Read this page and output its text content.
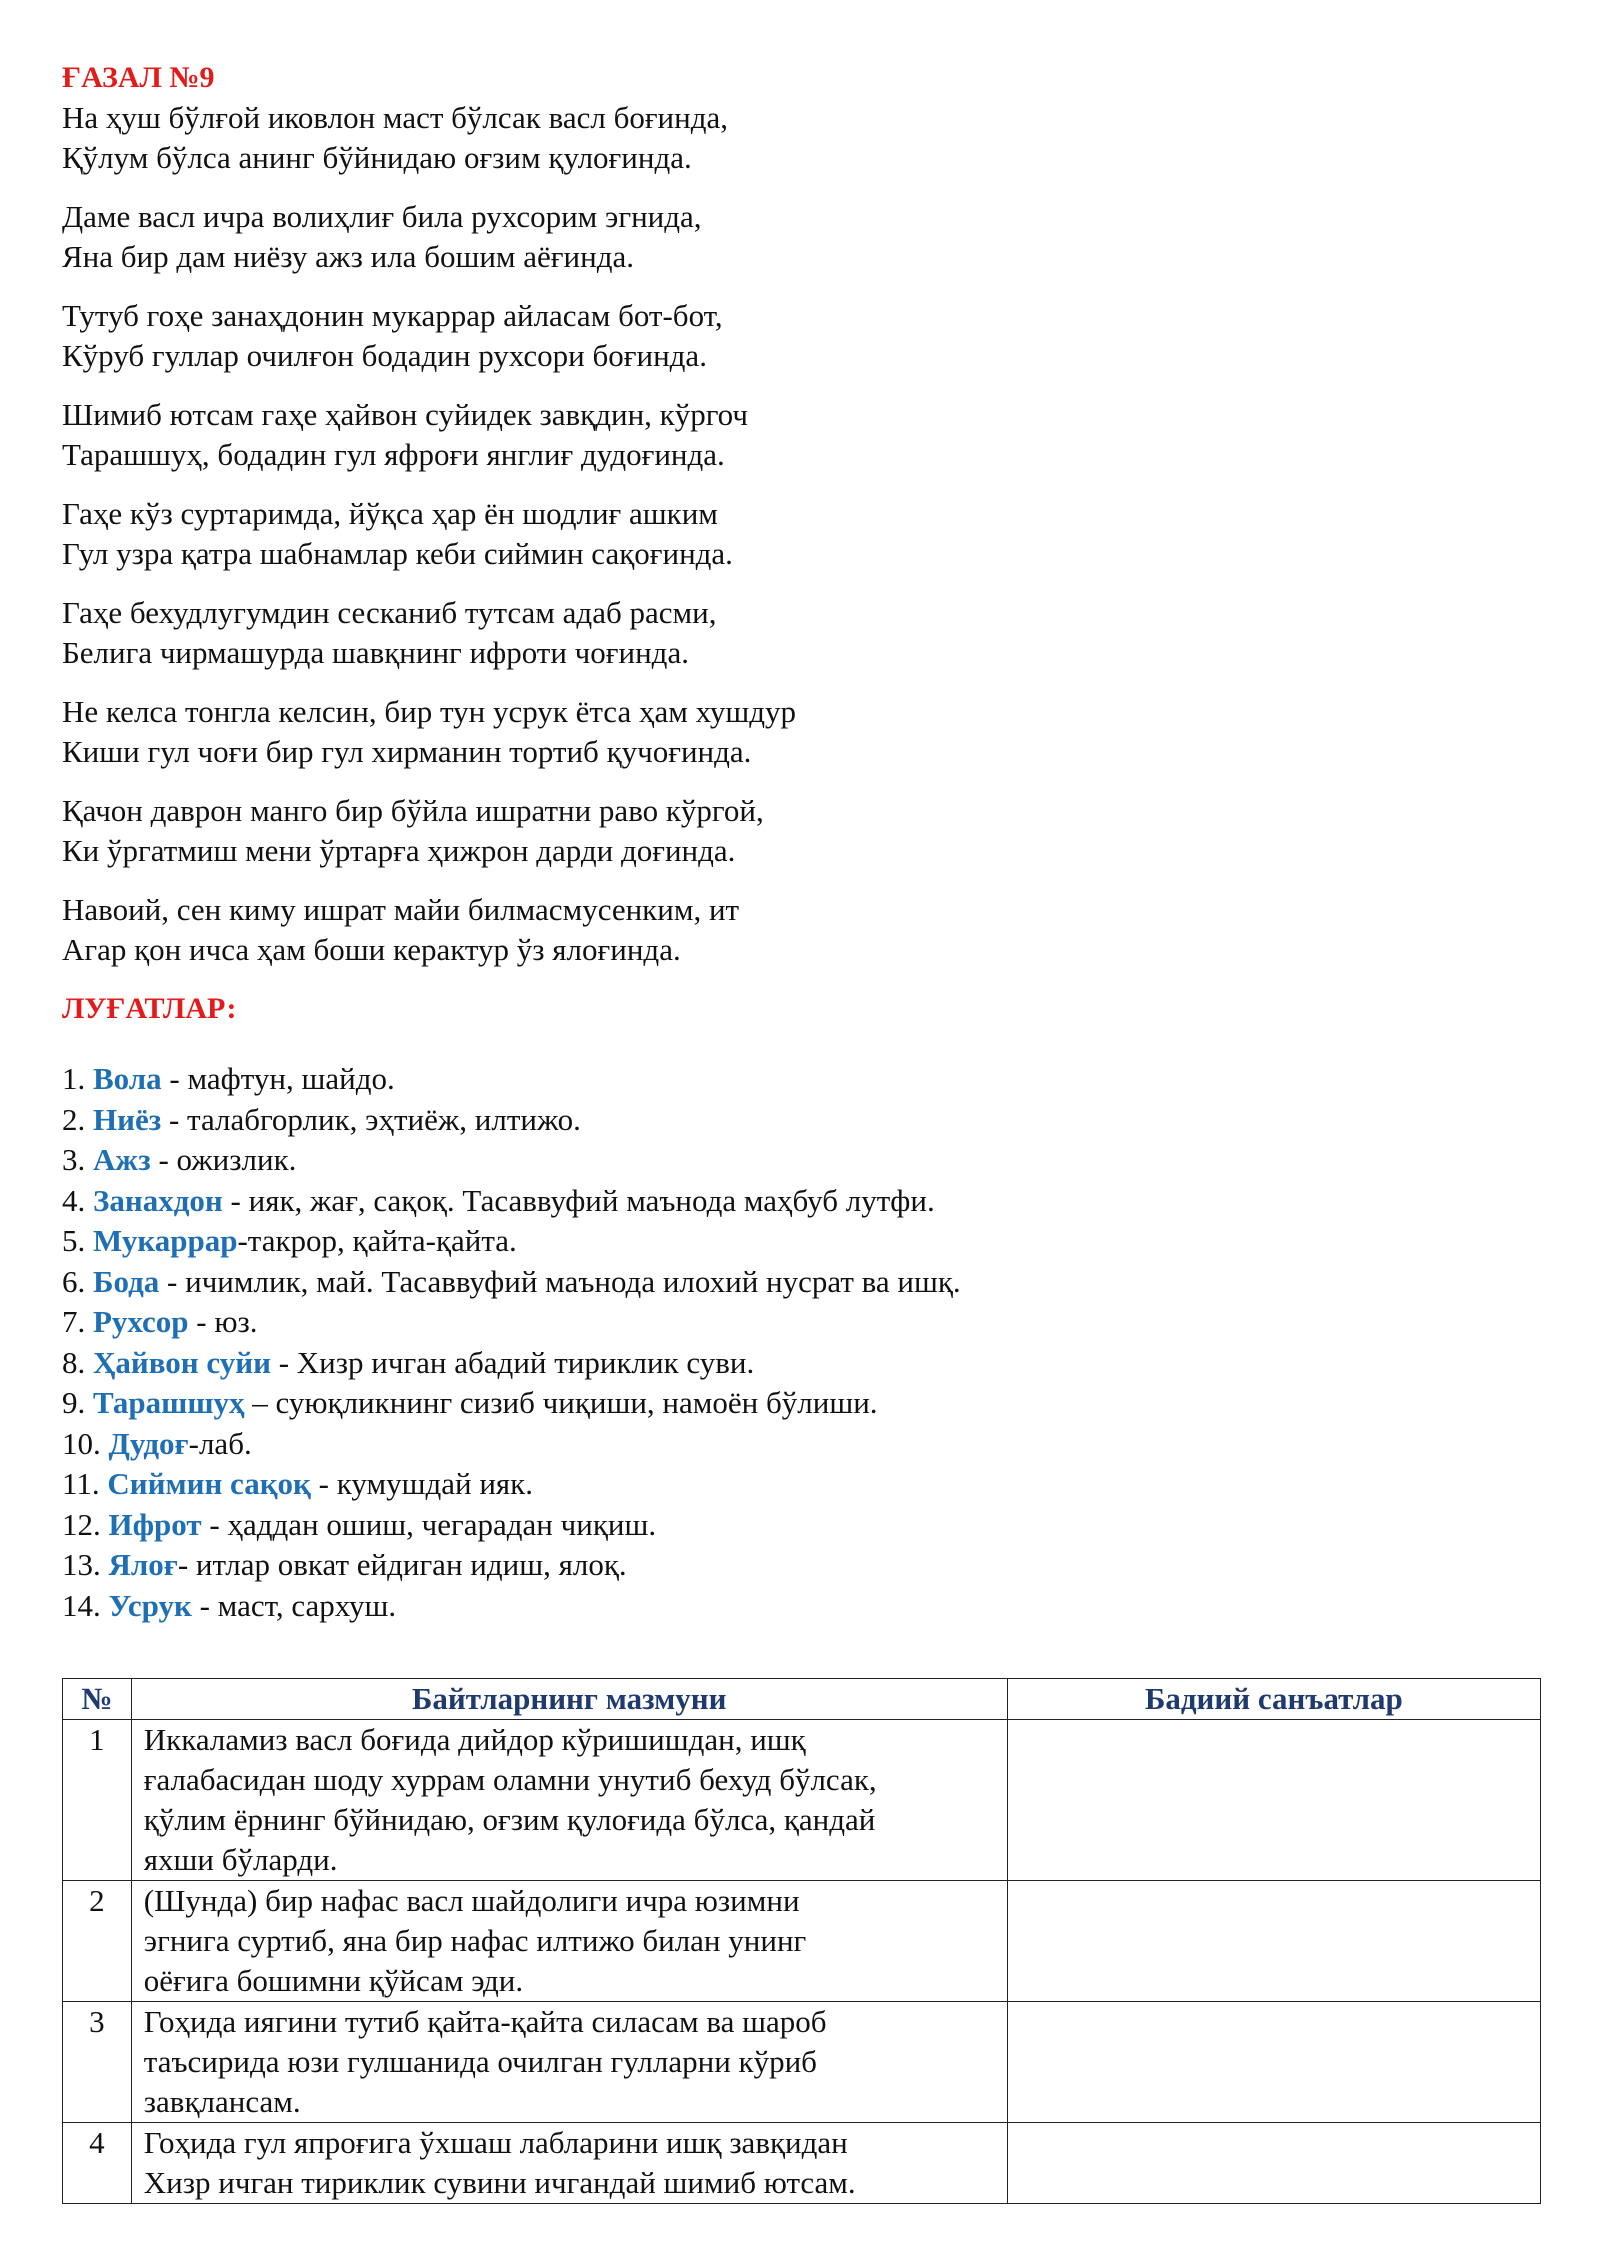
ҒАЗАЛ №9
На ҳуш бўлғой иковлон маст бўлсак васл боғинда,
Қўлум бўлса анинг бўйнидаю оғзим қулоғинда.
Даме васл ичра волиҳлиғ била рухсорим эгнида,
Яна бир дам ниёзу ажз ила бошим аёғинда.
Тутуб гоҳе занаҳдонин мукаррар айласам бот-бот,
Кўруб гуллар очилғон бодадин рухсори боғинда.
Шимиб ютсам гаҳе ҳайвон суйидек завқдин, кўргоч
Тарашшуҳ, бодадин гул яфроғи янглиғ дудоғинда.
Гаҳе кўз суртаримда, йўқса ҳар ён шодлиғ ашким
Гул узра қатра шабнамлар кеби сиймин сақоғинда.
Гаҳе бехудлугумдин сесканиб тутсам адаб расми,
Белига чирмашурда шавқнинг ифроти чоғинда.
Не келса тонгла келсин, бир тун усрук ётса ҳам хушдур
Киши гул чоғи бир гул хирманин тортиб қучоғинда.
Қачон даврон манго бир бўйла ишратни раво кўргой,
Ки ўргатмиш мени ўртарға ҳижрон дарди доғинда.
Навоий, сен киму ишрат майи билмасмусенким, ит
Агар қон ичса ҳам боши керактур ўз ялоғинда.
ЛУҒАТЛАР:
1. Вола - мафтун, шайдо.
2. Ниёз - талабгорлик, эҳтиёж, илтижо.
3. Ажз - ожизлик.
4. Занахдон - ияк, жағ, сақоқ. Тасаввуфий маънода маҳбуб лутфи.
5. Мукаррар-такрор, қайта-қайта.
6. Бода - ичимлик, май. Тасаввуфий маънода илохий нусрат ва ишқ.
7. Рухсор - юз.
8. Ҳайвон суйи - Хизр ичган абадий тириклик суви.
9. Тарашшуҳ – суюқликнинг сизиб чиқиши, намоён бўлиши.
10. Дудоғ-лаб.
11. Сиймин сақоқ - кумушдай ияк.
12. Ифрот - ҳаддан ошиш, чегарадан чиқиш.
13. Ялоғ- итлар овкат ейдиган идиш, ялоқ.
14. Усрук - маст, сархуш.
№	Байтларнинг мазмуни	Бадиий санъатлар
1	Иккаламиз васл боғида дийдор кўришишдан, ишқ
ғалабасидан шоду хуррам оламни унутиб бехуд бўлсак,
қўлим ёрнинг бўйнидаю, оғзим қулоғида бўлса, қандай
яхши бўларди.	

2	(Шунда) бир нафас васл шайдолиги ичра юзимни
эгнига суртиб, яна бир нафас илтижо билан унинг
оёғига бошимни қўйсам эди.	

3	Гоҳида иягини тутиб қайта-қайта силасам ва шароб
таъсирида юзи гулшанида очилган гулларни кўриб
завқлансам.	

4	Гоҳида гул япроғига ўхшаш лабларини ишқ завқидан
Хизр ичган тириклик сувини ичгандай шимиб ютсам.	
